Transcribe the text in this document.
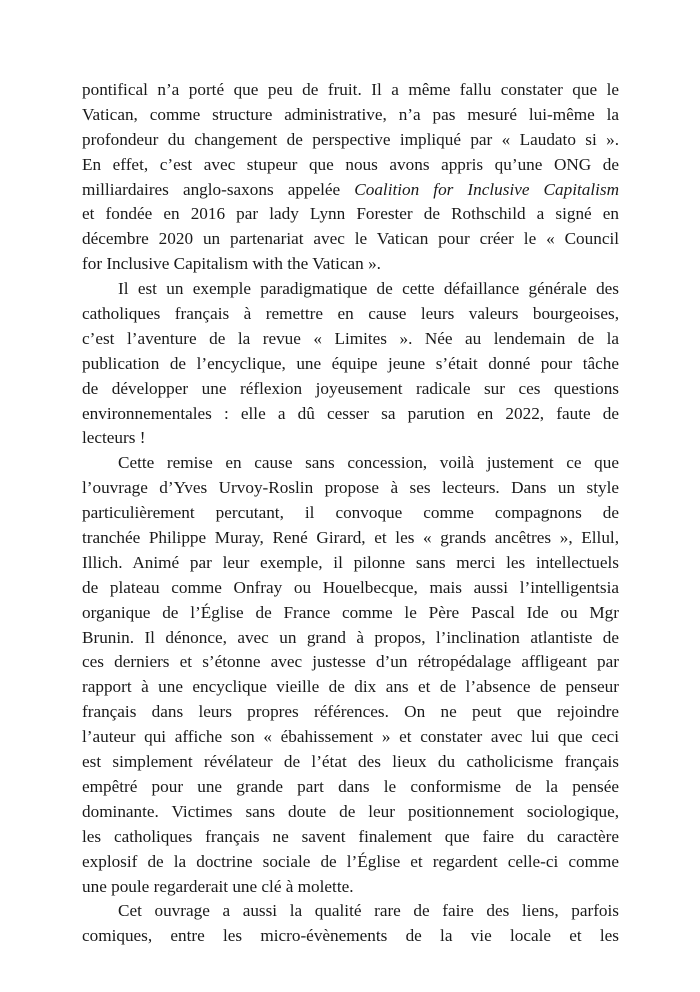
pontifical n’a porté que peu de fruit. Il a même fallu constater que le
Vatican, comme structure administrative, n’a pas mesuré lui-même la
profondeur du changement de perspective impliqué par « Laudato si ».
En effet, c’est avec stupeur que nous avons appris qu’une ONG de
milliardaires anglo-saxons appelée Coalition for Inclusive Capitalism
et fondée en 2016 par lady Lynn Forester de Rothschild a signé en
décembre 2020 un partenariat avec le Vatican pour créer le « Council
for Inclusive Capitalism with the Vatican ».
Il est un exemple paradigmatique de cette défaillance générale des
catholiques français à remettre en cause leurs valeurs bourgeoises,
c’est l’aventure de la revue « Limites ». Née au lendemain de la
publication de l’encyclique, une équipe jeune s’était donné pour tâche
de développer une réflexion joyeusement radicale sur ces questions
environnementales : elle a dû cesser sa parution en 2022, faute de
lecteurs !
Cette remise en cause sans concession, voilà justement ce que
l’ouvrage d’Yves Urvoy-Roslin propose à ses lecteurs. Dans un style
particulièrement percutant, il convoque comme compagnons de
tranchée Philippe Muray, René Girard, et les « grands ancêtres », Ellul,
Illich. Animé par leur exemple, il pilonne sans merci les intellectuels
de plateau comme Onfray ou Houelbecque, mais aussi l’intelligentsia
organique de l’Église de France comme le Père Pascal Ide ou Mgr
Brunin. Il dénonce, avec un grand à propos, l’inclination atlantiste de
ces derniers et s’étonne avec justesse d’un rétropédalage affligeant par
rapport à une encyclique vieille de dix ans et de l’absence de penseur
français dans leurs propres références. On ne peut que rejoindre
l’auteur qui affiche son « ébahissement » et constater avec lui que ceci
est simplement révélateur de l’état des lieux du catholicisme français
empêtré pour une grande part dans le conformisme de la pensée
dominante. Victimes sans doute de leur positionnement sociologique,
les catholiques français ne savent finalement que faire du caractère
explosif de la doctrine sociale de l’Église et regardent celle-ci comme
une poule regarderait une clé à molette.
Cet ouvrage a aussi la qualité rare de faire des liens, parfois
comiques, entre les micro-évènements de la vie locale et les
